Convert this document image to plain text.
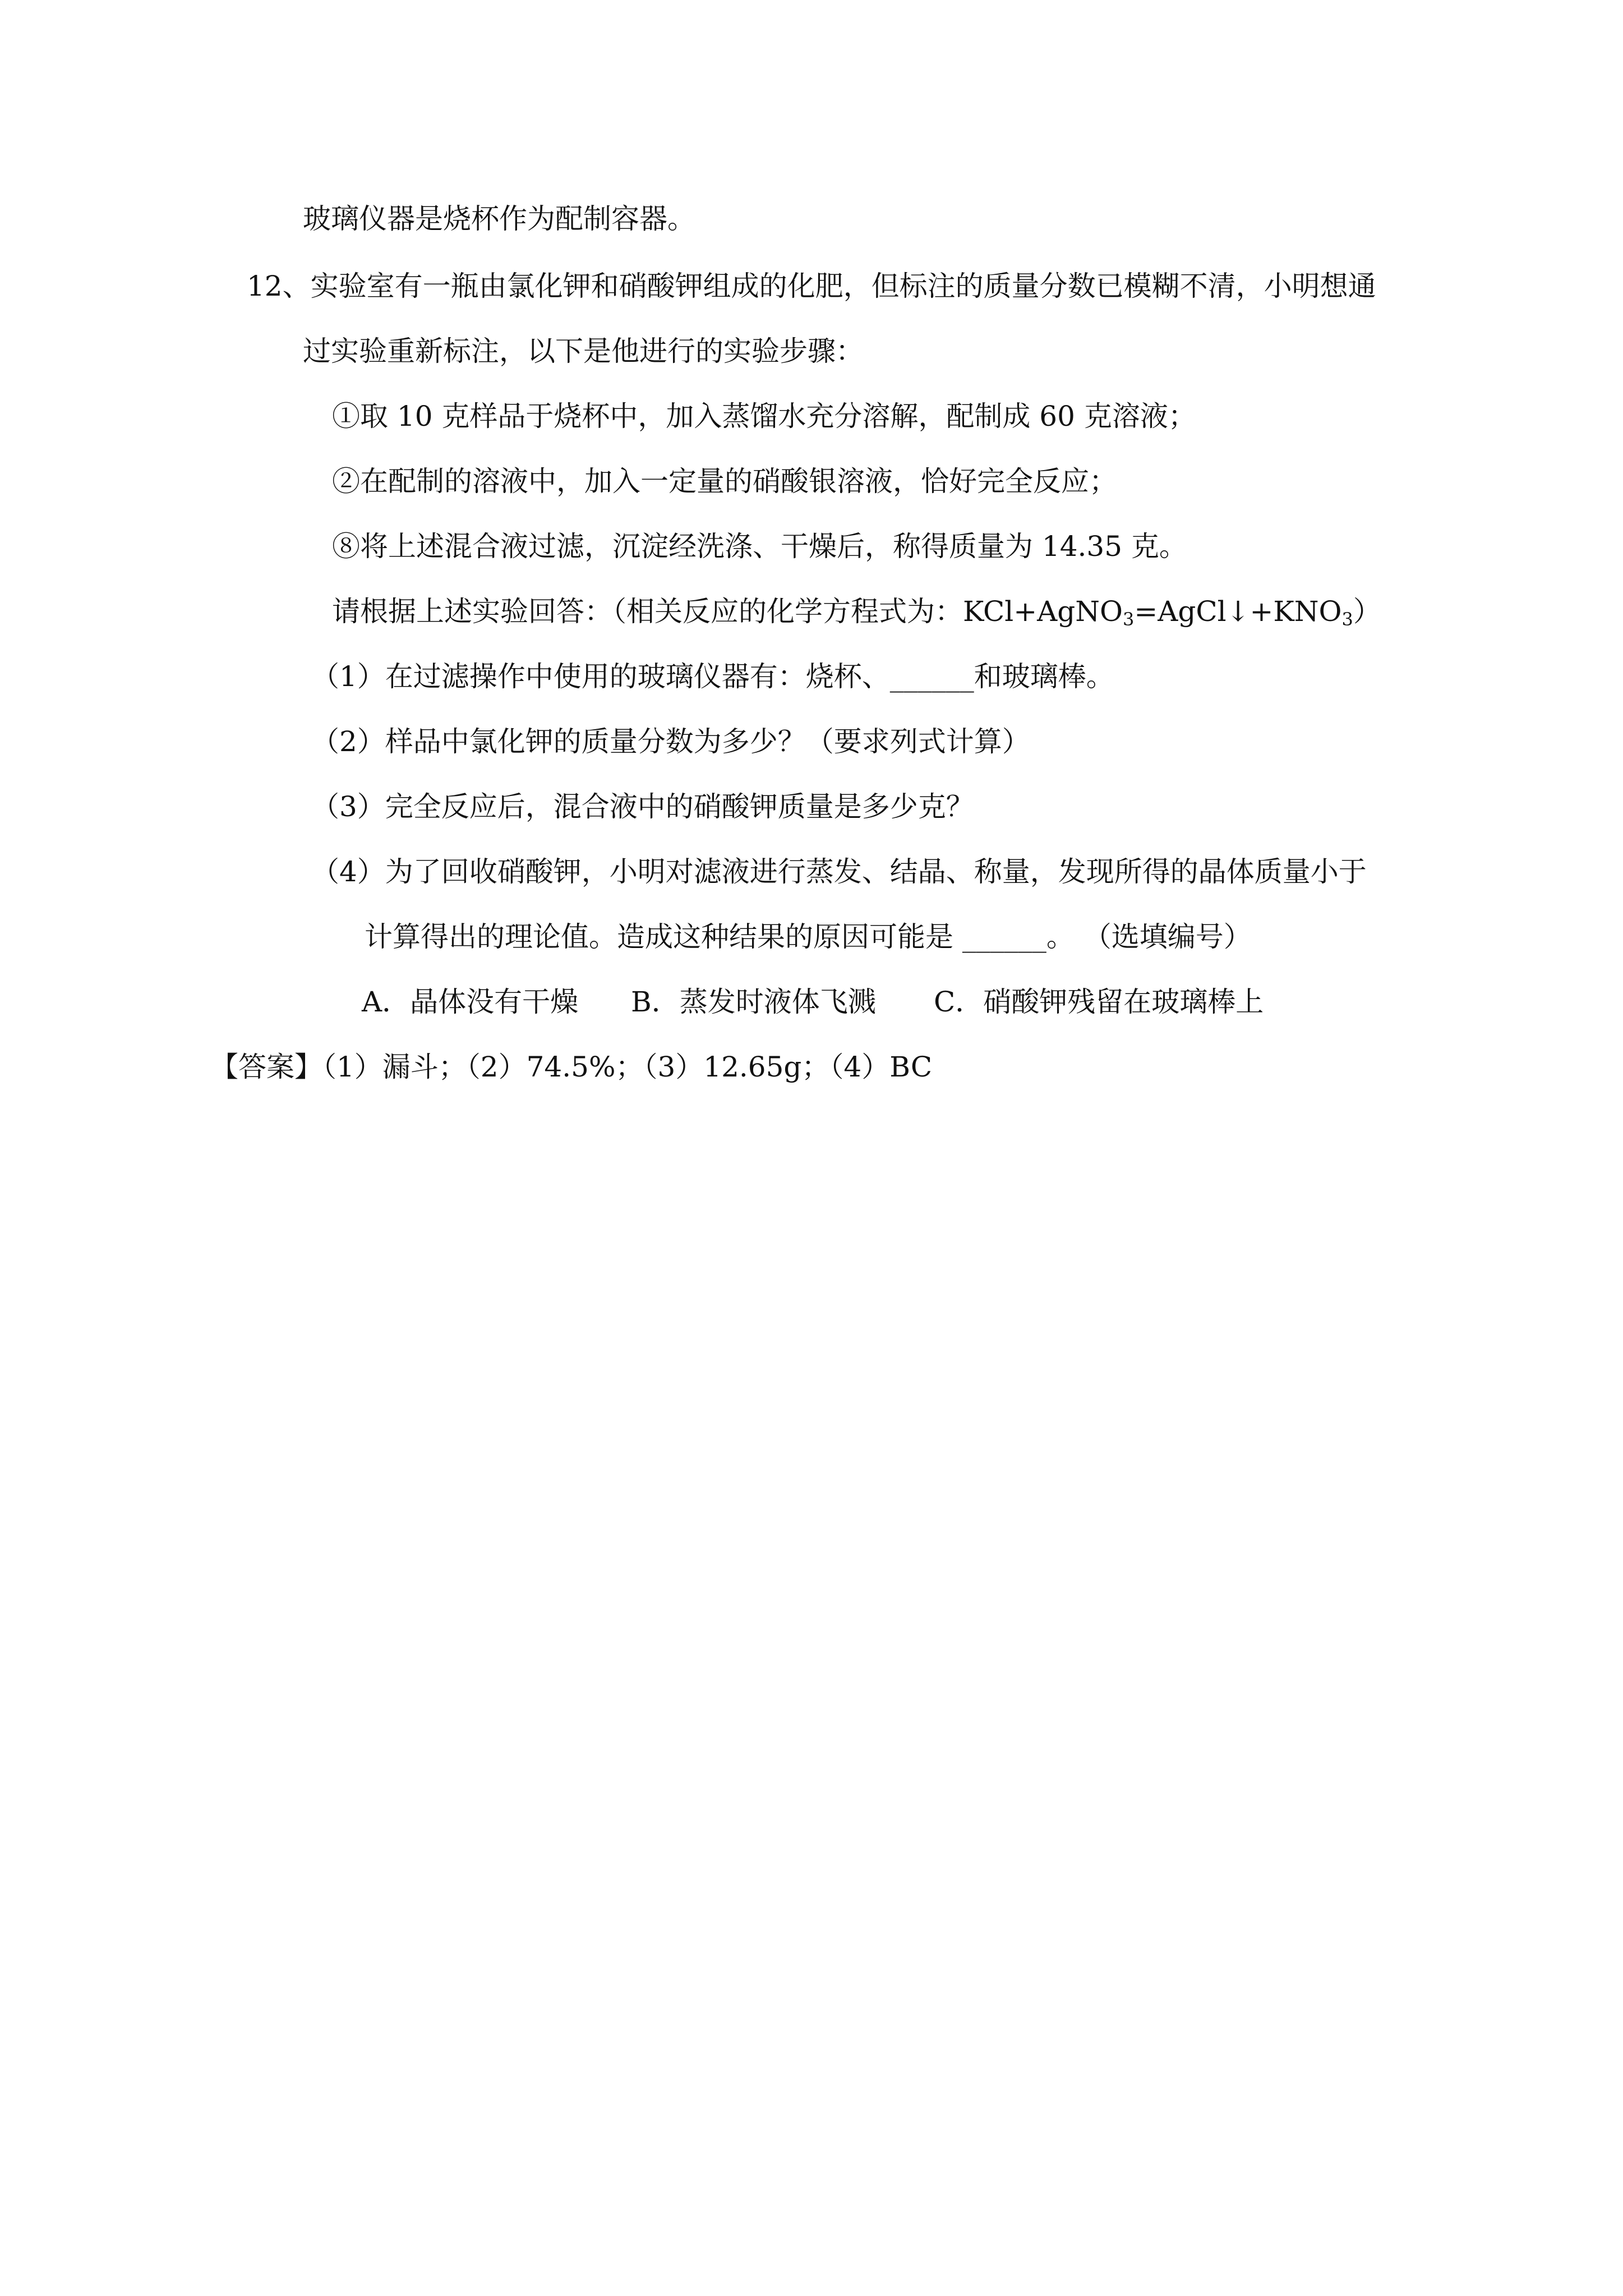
玻璃仪器是烧杯作为配制容器。
12、实验室有一瓶由氯化钾和硝酸钾组成的化肥，但标注的质量分数已模糊不清，小明想通
过实验重新标注，以下是他进行的实验步骤：
①取 10 克样品于烧杯中，加入蒸馏水充分溶解，配制成 60 克溶液；
②在配制的溶液中，加入一定量的硝酸银溶液，恰好完全反应；
⑧将上述混合液过滤，沉淀经洗涤、干燥后，称得质量为 14.35 克。
请根据上述实验回答：（相关反应的化学方程式为：$KCl+AgNO_3=AgCl↓+KNO_3$）
（1）在过滤操作中使用的玻璃仪器有：烧杯、______和玻璃棒。
（2）样品中氯化钾的质量分数为多少？（要求列式计算）
（3）完全反应后，混合液中的硝酸钾质量是多少克？
（4）为了回收硝酸钾，小明对滤液进行蒸发、结晶、称量，发现所得的晶体质量小于
计算得出的理论值。造成这种结果的原因可能是 ______。 （选填编号）
A．晶体没有干燥 B．蒸发时液体飞溅 C．硝酸钾残留在玻璃棒上
【答案】（1）漏斗；（2）74.5%；（3）12.65g；（4）BC
